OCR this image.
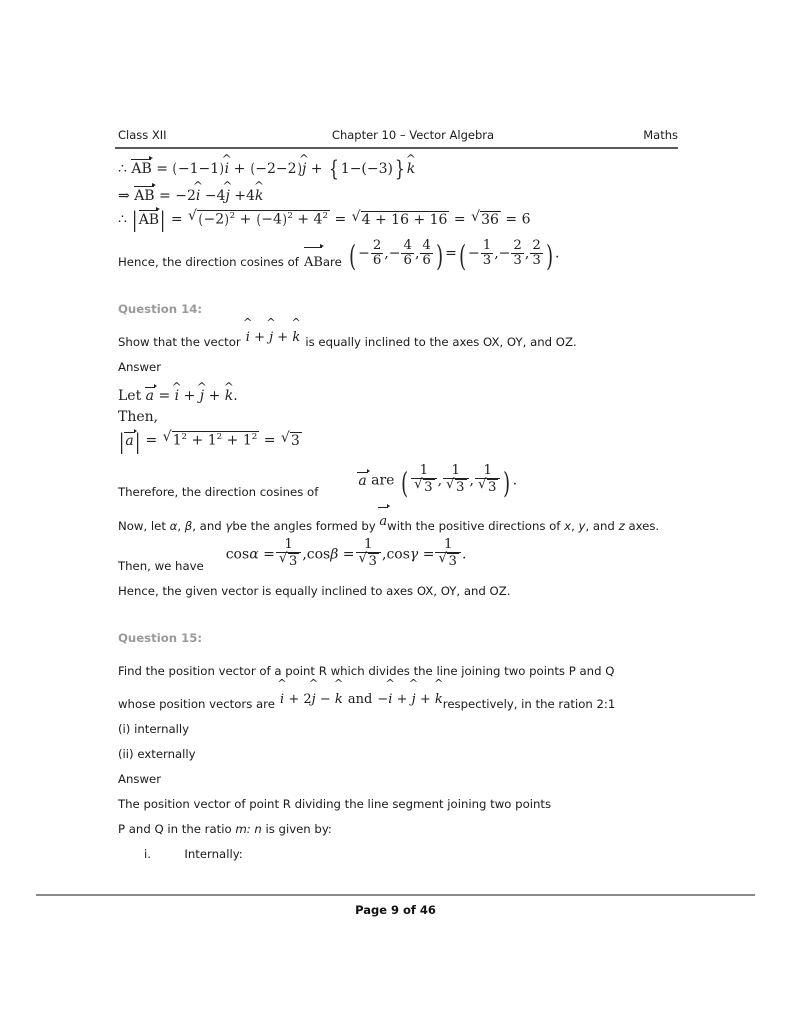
Class XII	Chapter 10 – Vector Algebra	Maths
∴ AB = (−1−1)^ i + (−2−2)^ j + { 1−(−3)} ^ k
⇒ AB = −2^ i −4^ j +4^ k
∴ |
AB| = √ $(-2)^2 + (-4)^2 + 4^2$ = √ 4 + 16 + 16 = √ 36 = 6
Hence, the direction cosines of
AB are
( − $\frac{2}{6}$ ,− $\frac{4}{6}$ , $\frac{4}{6}$ ) =( − $\frac{1}{3}$ ,− $\frac{2}{3}$ , $\frac{2}{3}$ ) .
Question 14:
Show that the vector
^ i + ^ j + ^ k
is equally inclined to the axes OX, OY, and OZ.
Answer
Let a = ^ i + ^ j + ^ k.
Then,
|
a| = √ $1^2 + 1^2 + 1^2$ = √ 3
Therefore, the direction cosines of
a are ( $\frac{1}{√ 3}$ , $\frac{1}{√ 3}$ , $\frac{1}{√ 3}$ ) .
Now, let α, β, and γbe the angles formed by awith the positive directions of x, y, and z axes.
Then, we have
$\cos\alpha = \frac{1}{√ 3} ,\cos\beta = \frac{1}{√ 3} ,\cos\gamma = \frac{1}{√ 3}$ .
Hence, the given vector is equally inclined to axes OX, OY, and OZ.
Question 15:
Find the position vector of a point R which divides the line joining two points P and Q
whose position vectors are
^ i + 2^ j − ^ k
and
−^ i + ^ j + ^ k respectively, in the ration 2:1
(i) internally
(ii) externally
Answer
The position vector of point R dividing the line segment joining two points
P and Q in the ratio m: n is given by:
i.	Internally:
Page 9 of 46
